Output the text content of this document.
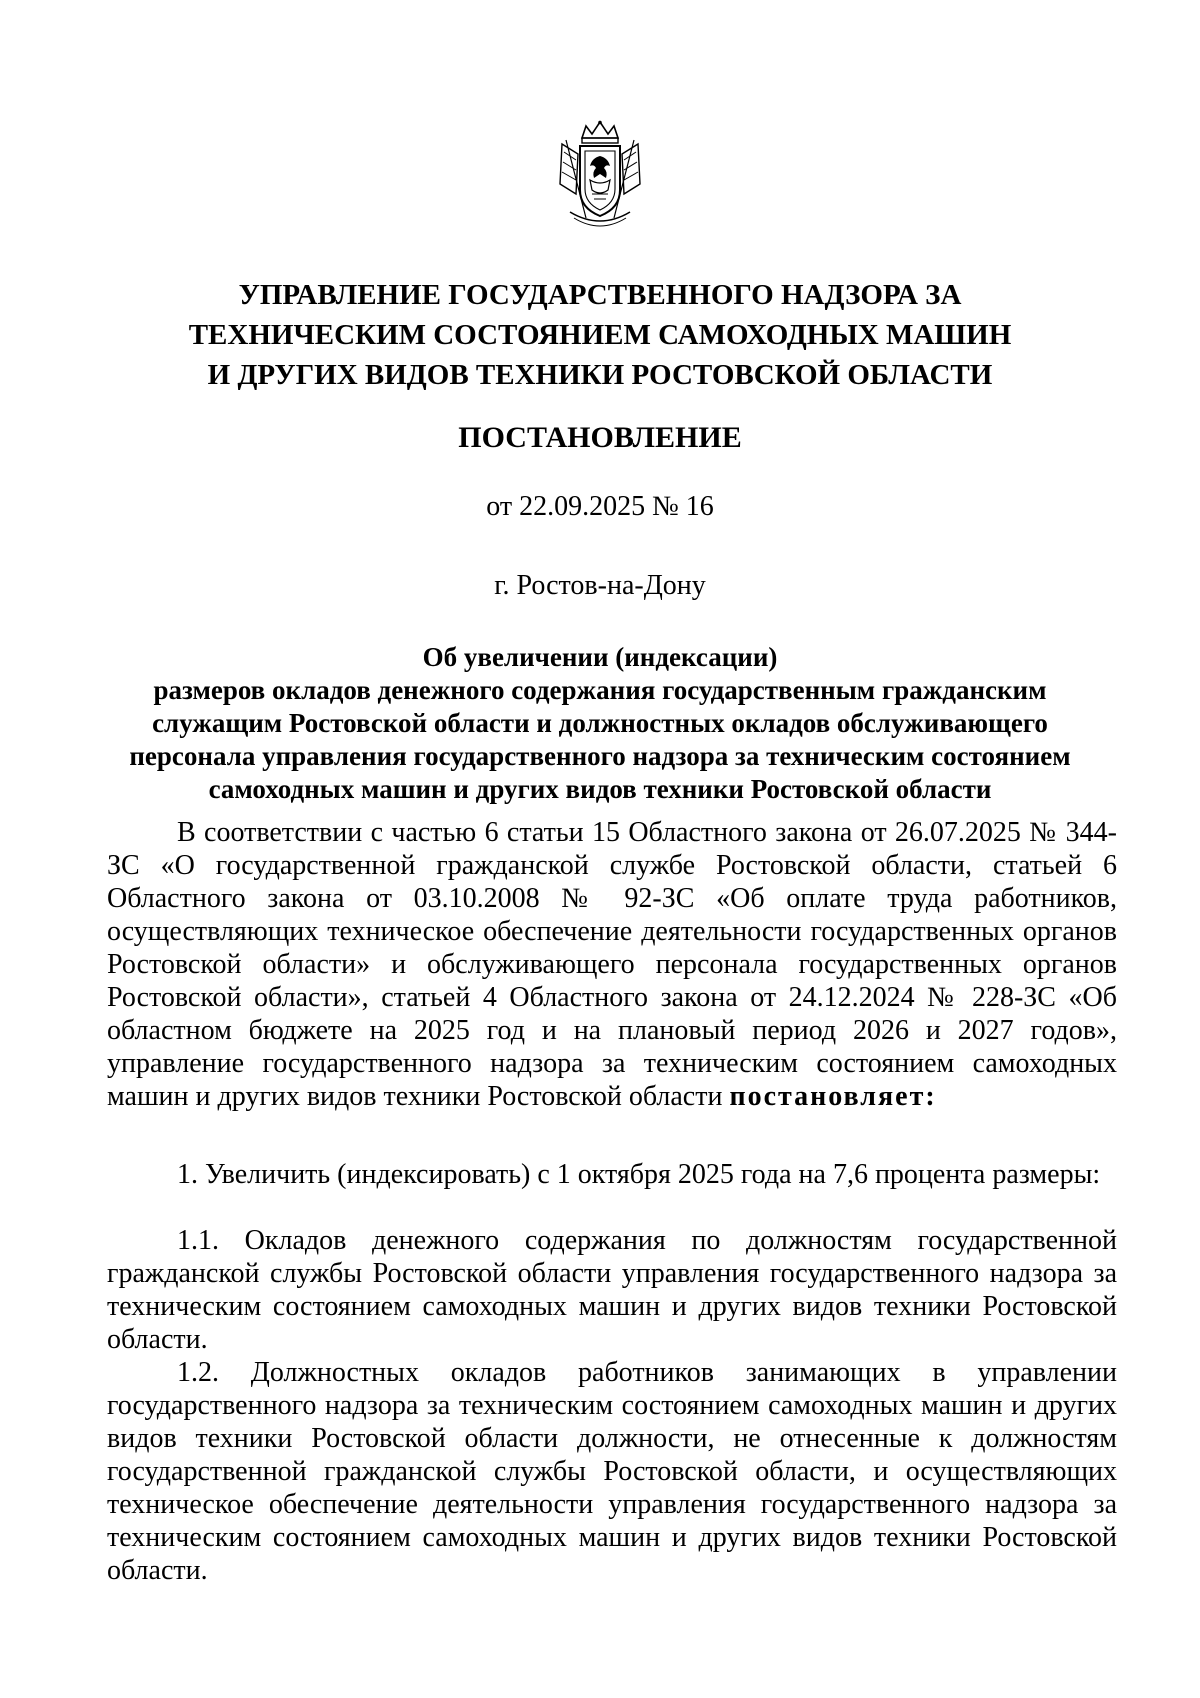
УПРАВЛЕНИЕ ГОСУДАРСТВЕННОГО НАДЗОРА ЗА
ТЕХНИЧЕСКИМ СОСТОЯНИЕМ САМОХОДНЫХ МАШИН
И ДРУГИХ ВИДОВ ТЕХНИКИ РОСТОВСКОЙ ОБЛАСТИ
ПОСТАНОВЛЕНИЕ
от 22.09.2025 № 16
г. Ростов-на-Дону
Об увеличении (индексации)
размеров окладов денежного содержания государственным гражданским
служащим Ростовской области и должностных окладов обслуживающего
персонала управления государственного надзора за техническим состоянием
самоходных машин и других видов техники Ростовской области

В соответствии с частью 6 статьи 15 Областного закона от 26.07.2025 № 344-ЗС «О государственной гражданской службе Ростовской области, статьей 6 Областного закона от 03.10.2008 № 92-ЗС «Об оплате труда работников, осуществляющих техническое обеспечение деятельности государственных органов Ростовской области» и обслуживающего персонала государственных органов Ростовской области», статьей 4 Областного закона от 24.12.2024 № 228-ЗС «Об областном бюджете на 2025 год и на плановый период 2026 и 2027 годов», управление государственного надзора за техническим состоянием самоходных машин и других видов техники Ростовской области постановляет:

1. Увеличить (индексировать) с 1 октября 2025 года на 7,6 процента размеры:

1.1. Окладов денежного содержания по должностям государственной гражданской службы Ростовской области управления государственного надзора за техническим состоянием самоходных машин и других видов техники Ростовской области.

1.2. Должностных окладов работников занимающих в управлении государственного надзора за техническим состоянием самоходных машин и других видов техники Ростовской области должности, не отнесенные к должностям государственной гражданской службы Ростовской области, и осуществляющих техническое обеспечение деятельности управления государственного надзора за техническим состоянием самоходных машин и других видов техники Ростовской области.
